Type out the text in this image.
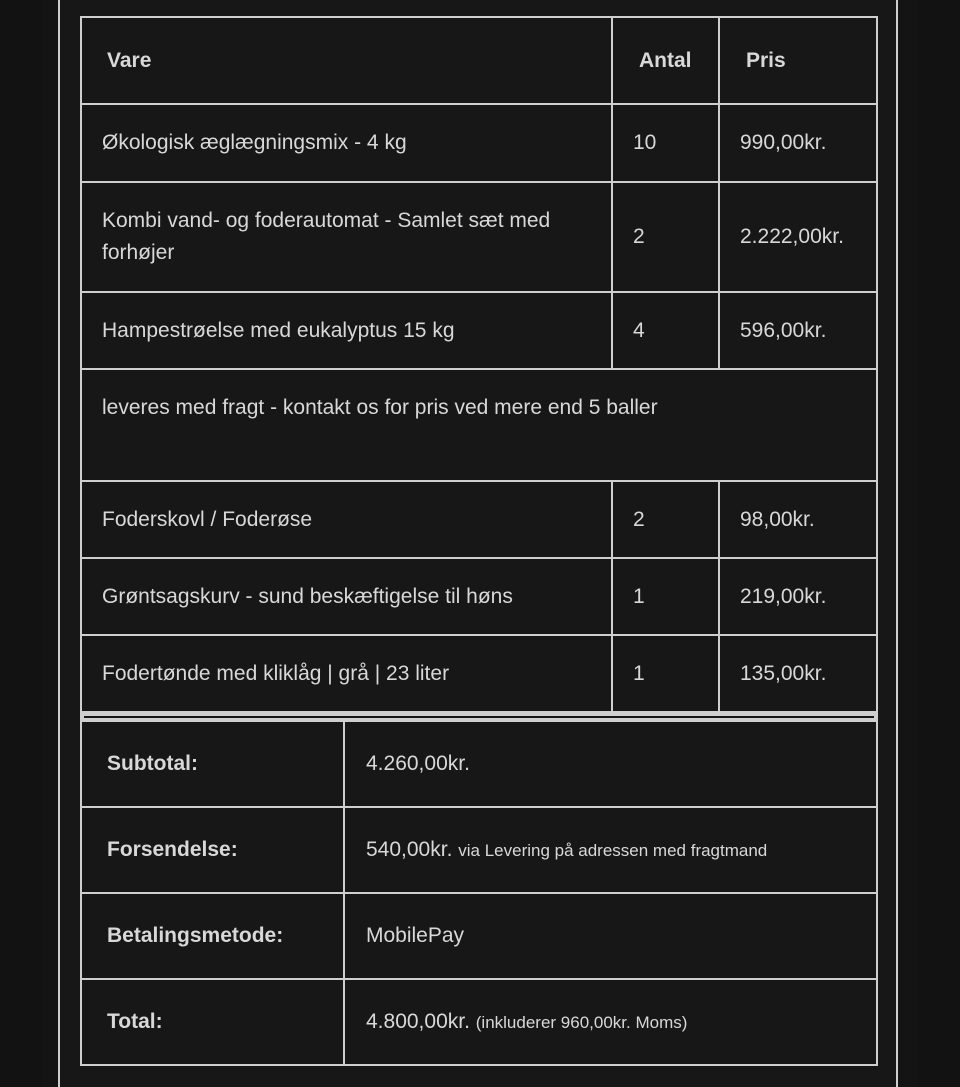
Vare	Antal	Pris
Økologisk æglægningsmix - 4 kg	10	990,00kr.
Kombi vand- og foderautomat - Samlet sæt med forhøjer	2	2.222,00kr.
Hampestrøelse med eukalyptus 15 kg	4	596,00kr.
leveres med fragt - kontakt os for pris ved mere end 5 baller		
Foderskovl / Foderøse	2	98,00kr.
Grøntsagskurv - sund beskæftigelse til høns	1	219,00kr.
Fodertønde med kliklåg | grå | 23 liter	1	135,00kr.
Subtotal:	4.260,00kr.
Forsendelse:	540,00kr. via Levering på adressen med fragtmand
Betalingsmetode:	MobilePay
Total:	4.800,00kr. (inkluderer 960,00kr. Moms)
